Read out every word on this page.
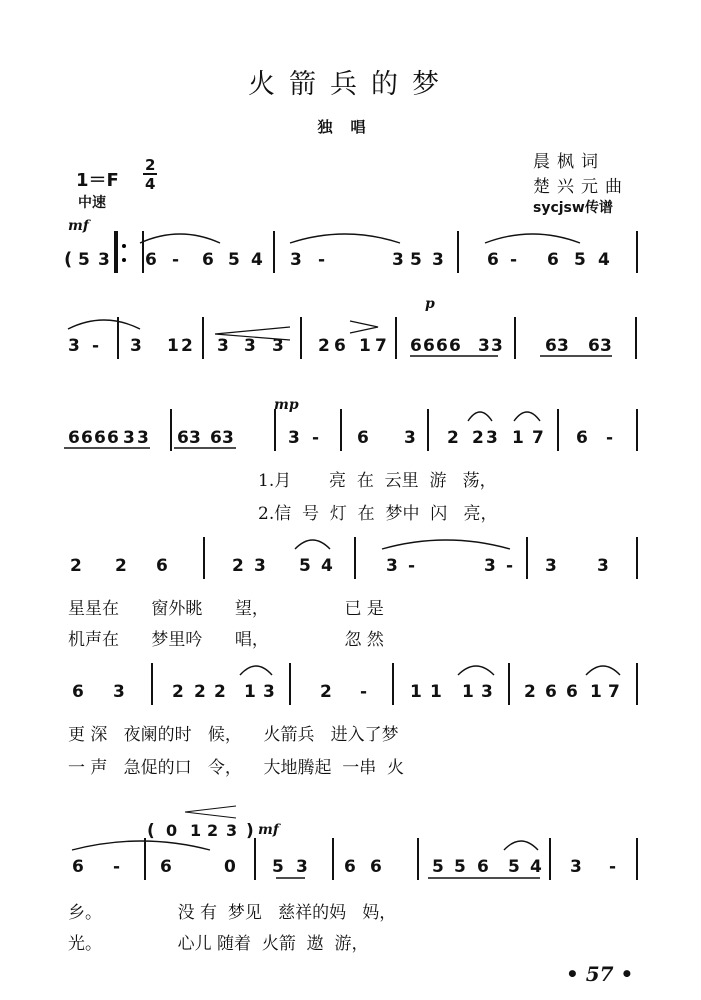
火箭兵的梦
独唱
晨枫词
楚兴元曲
sycjsw传谱
1＝F
中速
mf
p
mp
mf
2
4
5 3 6 - 6 5 4 3 -	3 5 3	6 - 6 5 4
3 - 3 1 2 3 3 3 2 6 1 7 6 6 6 6 3 3 6 3 6 3
6 6 6 6 3 3 6 3 6 3	3 - 6 3 2 2 3 1 7 6 -
2 2 6	2 3 5 4	3 -	3 - 3 3
6 3	2 2 2 1 3	2 -	1 1 1 3 2 6 6 1 7
6 - 6	0 5 3 6 6	5 5 6 5 4 3 -
(
( 0 1 2 3 )
1.月       亮  在  云里  游   荡，
2.信  号  灯  在  梦中  闪   亮，
星星在      窗外眺      望，              已 是
机声在      梦里吟      唱，              忽 然
更 深   夜阑的时   候，    火箭兵   进入了梦
一 声   急促的口   令，    大地腾起  一串  火
乡。              没 有  梦见   慈祥的妈   妈，
光。              心儿 随着  火箭  遨  游，
• 57 •
